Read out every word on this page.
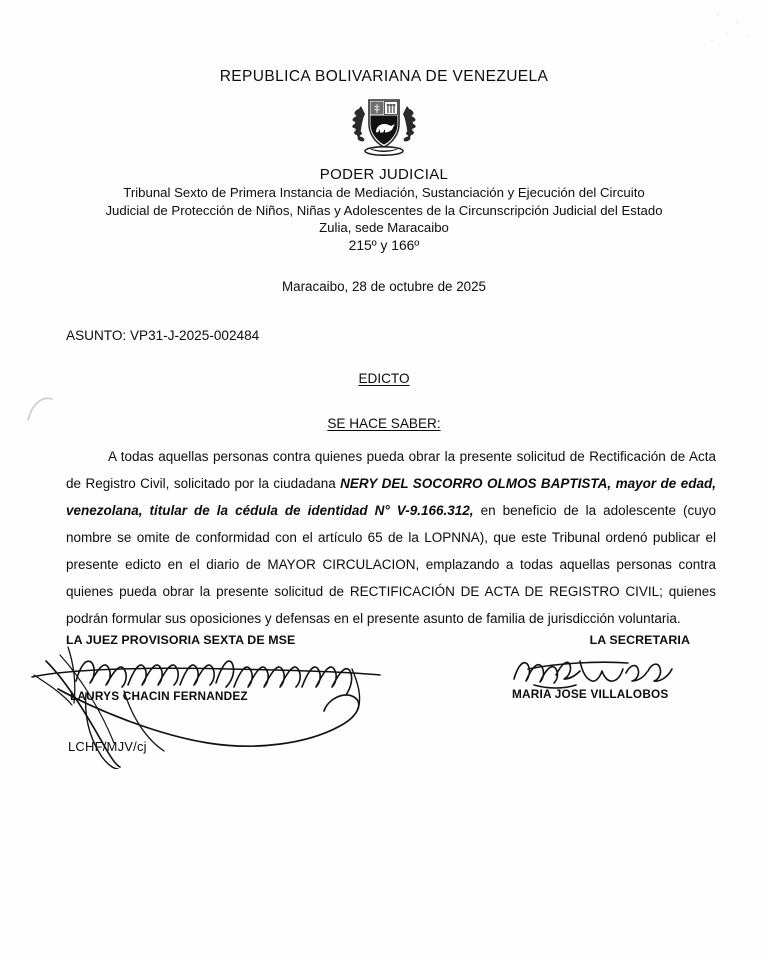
REPUBLICA BOLIVARIANA DE VENEZUELA
PODER JUDICIAL
Tribunal Sexto de Primera Instancia de Mediación, Sustanciación y Ejecución del Circuito
Judicial de Protección de Niños, Niñas y Adolescentes de la Circunscripción Judicial del Estado
Zulia, sede Maracaibo
215º y 166º
Maracaibo, 28 de octubre de 2025
ASUNTO: VP31-J-2025-002484
EDICTO
SE HACE SABER:
A todas aquellas personas contra quienes pueda obrar la presente solicitud de Rectificación de Acta de Registro Civil, solicitado por la ciudadana NERY DEL SOCORRO OLMOS BAPTISTA, mayor de edad, venezolana, titular de la cédula de identidad N° V-9.166.312, en beneficio de la adolescente (cuyo nombre se omite de conformidad con el artículo 65 de la LOPNNA), que este Tribunal ordenó publicar el presente edicto en el diario de MAYOR CIRCULACION, emplazando a todas aquellas personas contra quienes pueda obrar la presente solicitud de RECTIFICACIÓN DE ACTA DE REGISTRO CIVIL; quienes podrán formular sus oposiciones y defensas en el presente asunto de familia de jurisdicción voluntaria.
LA JUEZ PROVISORIA SEXTA DE MSE	LA SECRETARIA
LAURYS CHACIN FERNANDEZ
LCHF/MJV/cj
MARIA JOSE VILLALOBOS
